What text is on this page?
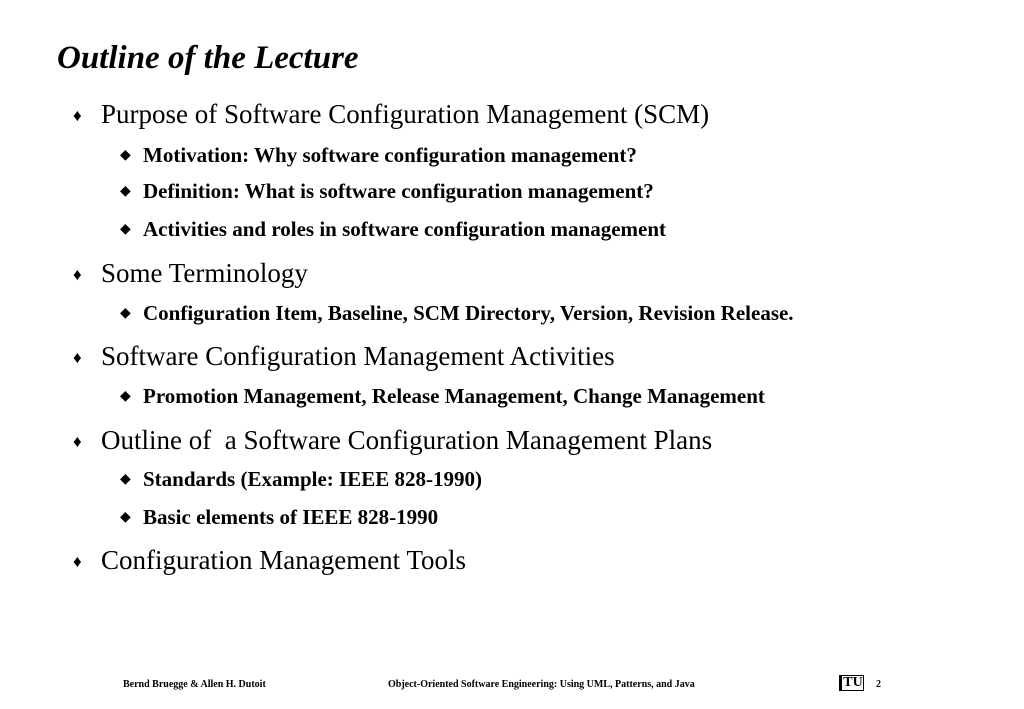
Outline of the Lecture
♦ Purpose of Software Configuration Management (SCM)
◆ Motivation: Why software configuration management?
◆ Definition: What is software configuration management?
◆ Activities and roles in software configuration management
♦ Some Terminology
◆ Configuration Item, Baseline, SCM Directory, Version, Revision Release.
♦ Software Configuration Management Activities
◆ Promotion Management, Release Management, Change Management
♦ Outline of  a Software Configuration Management Plans
◆ Standards (Example: IEEE 828-1990)
◆ Basic elements of IEEE 828-1990
♦ Configuration Management Tools
Bernd Bruegge & Allen H. Dutoit	Object-Oriented Software Engineering: Using UML, Patterns, and Java	TU 2
